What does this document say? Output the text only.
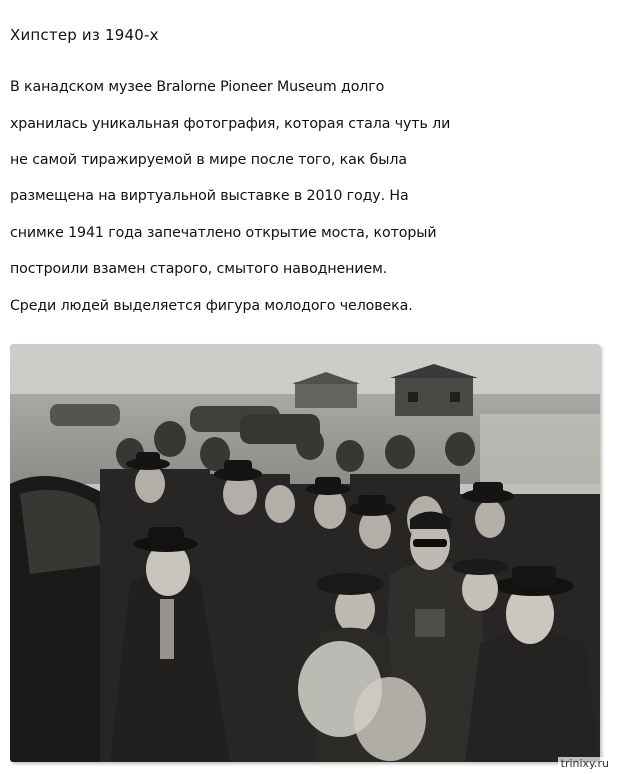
Хипстер из 1940-х

В канадском музее Bralorne Pioneer Museum долго

хранилась уникальная фотография, которая стала чуть ли

не самой тиражируемой в мире после того, как была

размещена на виртуальной выставке в 2010 году. На

снимке 1941 года запечатлено открытие моста, который

построили взамен старого, смытого наводнением.

Среди людей выделяется фигура молодого человека.

trinixy.ru
